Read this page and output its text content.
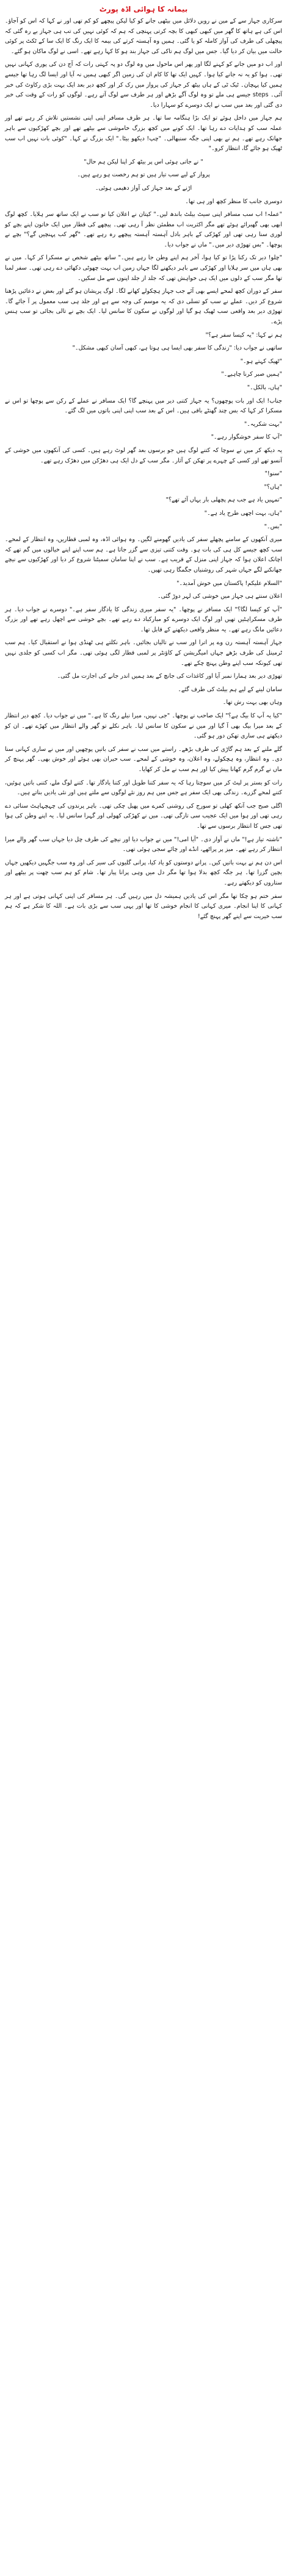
بیمانہ کا ہوائی اڈہ پورٹ

سرکاری جہاز سے کے مین نے رویں دلائل میں بیٹھی جانے کو کیا لیکن پیچھے کو کم تھی اور نے کہا کہ اس کو آجاؤ۔ اس کی ہے ہاتھ کا گھر میں کبھی کبھی کا بچہ کرتی پہنچی کہ ہم کہ کوئی نہیں کی تب ہی جہاز بے رہ گئی کہ پیچھلی کی طرف کی آواز کاملہ کو یا گئی۔ ہمیں وہ آہستہ کرتے کی بیمہ کا ایک رنگ کا ایک سا کے ٹکٹ پر کوئی حالت میں بیان کر دیا گیا۔ جس میں لوگ ہم تاکی کی جہاز بند ہو کا کہا رہے تھے۔ اسی نے لوگ ماکان ہو گئے۔

اور اب دو میں جانے کو کہنے لگا اور پھر اس ماحول میں وہ لوگ دو پہ کہتی رات کہ آج دن کی پوری کہانی نہیں تھی۔ ہوا کو یہ نہ جانے کیا ہوا۔ کہیں ایک تھا کا کام ان کی زمین اگر کبھی ہمیں نہ آیا اور ایسا لگ رہا تھا جیسے ہمیں کیا پہچان۔ ٹیک ٹی کے ہاں بیٹھ کر جہاز کی پرواز میں رک کر اور کچھ دیر بعد ایک بہت بڑی رکاوٹ کی خبر آئی۔ steps جیسے ہی ملے تو وہ لوگ آگے بڑھے اور ہر طرف سے لوگ آتے رہے۔ لوگوں کو رات کے وقت کی خبر دی گئی اور بعد میں سب نے ایک دوسرے کو سہارا دیا۔

ہم جہاز میں داخل ہوئے تو ایک بڑا ہنگامہ سا تھا۔ ہر طرف مسافر اپنی اپنی نشستیں تلاش کر رہے تھے اور عملہ سب کو ہدایات دے رہا تھا۔ ایک کونے میں کچھ بزرگ خاموشی سے بیٹھے تھے اور بچے کھڑکیوں سے باہر جھانک رہے تھے۔ ہم نے بھی اپنی جگہ سنبھالی۔ "چپ! دیکھو بیٹا۔" ایک بزرگ نے کہا۔ "کوئی بات نہیں اب سب ٹھیک ہو جائے گا، انتظار کرو۔"

" نے جاتی ہوئی اس پر بیٹھ کر اپنا لیکن ہم حال"

پرواز کے لیے سب تیار ہیں تو ہم رخصت ہو رہے ہیں۔

اڑنے کے بعد جہاز کی آواز دھیمی ہوئی۔

دوسری جانب کا منظر کچھ اور ہی تھا۔

"عملہ! اب سب مسافر اپنی سیٹ بیلٹ باندھ لیں۔" کپتان نے اعلان کیا تو سب نے ایک ساتھ سر ہلایا۔ کچھ لوگ ابھی بھی گھبرائے ہوئے تھے مگر اکثریت اب مطمئن نظر آ رہی تھی۔ پیچھے کی قطار میں ایک خاتون اپنے بچے کو لوری سنا رہی تھی اور کھڑکی کے باہر بادل آہستہ آہستہ پیچھے رہ رہے تھے۔ "گھر کب پہنچیں گے؟" بچے نے پوچھا۔ "بس تھوڑی دیر میں۔" ماں نے جواب دیا۔

"چلو! دیر تک رکنا پڑا تو کیا ہوا، آخر ہم اپنے وطن جا رہے ہیں۔" ساتھ بیٹھے شخص نے مسکرا کر کہا۔ میں نے بھی ہاں میں سر ہلایا اور کھڑکی سے باہر دیکھنے لگا جہاں زمین اب بہت چھوٹی دکھائی دے رہی تھی۔ سفر لمبا تھا مگر سب کے دلوں میں ایک ہی خواہش تھی کہ جلد از جلد اپنوں سے مل سکیں۔

سفر کے دوران کچھ لمحے ایسے بھی آئے جب جہاز ہچکولے کھانے لگا۔ لوگ پریشان ہو گئے اور بعض نے دعائیں پڑھنا شروع کر دیں۔ عملے نے سب کو تسلی دی کہ یہ موسم کی وجہ سے ہے اور جلد ہی سب معمول پر آ جائے گا۔ تھوڑی دیر بعد واقعی سب ٹھیک ہو گیا اور لوگوں نے سکون کا سانس لیا۔ ایک بچے نے تالی بجائی تو سب ہنس پڑے۔

ہم نے کہا: "یہ کیسا سفر ہے؟"

ساتھی نے جواب دیا: "زندگی کا سفر بھی ایسا ہی ہوتا ہے، کبھی آسان کبھی مشکل۔"

"ٹھیک کہتے ہو۔"

"ہمیں صبر کرنا چاہیے۔"

"ہاں، بالکل۔"

جناب! ایک اور بات پوچھوں؟ یہ جہاز کتنی دیر میں پہنچے گا؟ ایک مسافر نے عملے کے رکن سے پوچھا تو اس نے مسکرا کر کہا کہ بس چند گھنٹے باقی ہیں۔ اس کے بعد سب اپنی اپنی باتوں میں لگ گئے۔

"بہت شکریہ۔"

"آپ کا سفر خوشگوار رہے۔"

یہ دیکھ کر میں نے سوچا کہ کتنے لوگ ہیں جو برسوں بعد گھر لوٹ رہے ہیں۔ کسی کی آنکھوں میں خوشی کے آنسو تھے اور کسی کے چہرے پر تھکن کے آثار۔ مگر سب کے دل ایک ہی دھڑکن میں دھڑک رہے تھے۔

"سنو!"

"ہاں؟"

"تمہیں یاد ہے جب ہم پچھلی بار یہاں آئے تھے؟"

"ہاں، بہت اچھی طرح یاد ہے۔"

"بس۔"

میری آنکھوں کے سامنے پچھلے سفر کی یادیں گھومنے لگیں۔ وہ ہوائی اڈہ، وہ لمبی قطاریں، وہ انتظار کے لمحے۔ سب کچھ جیسے کل ہی کی بات ہو۔ وقت کتنی تیزی سے گزر جاتا ہے۔ ہم سب اپنے اپنے خیالوں میں گم تھے کہ اچانک اعلان ہوا کہ جہاز اپنی منزل کے قریب ہے۔ سب نے اپنا سامان سمیٹنا شروع کر دیا اور کھڑکیوں سے نیچے جھانکنے لگے جہاں شہر کی روشنیاں جگمگا رہی تھیں۔

"السلام علیکم! پاکستان میں خوش آمدید۔"

اعلان سنتے ہی جہاز میں خوشی کی لہر دوڑ گئی۔

"آپ کو کیسا لگا؟" ایک مسافر نے پوچھا۔ "یہ سفر میری زندگی کا یادگار سفر ہے۔" دوسرے نے جواب دیا۔ ہر طرف مسکراہٹیں تھیں اور لوگ ایک دوسرے کو مبارکباد دے رہے تھے۔ بچے خوشی سے اچھل رہے تھے اور بزرگ دعائیں مانگ رہے تھے۔ یہ منظر واقعی دیکھنے کے قابل تھا۔

جہاز آہستہ آہستہ رن وے پر اترا اور سب نے تالیاں بجائیں۔ باہر نکلتے ہی ٹھنڈی ہوا نے استقبال کیا۔ ہم سب ٹرمینل کی طرف بڑھے جہاں امیگریشن کے کاؤنٹر پر لمبی قطار لگی ہوئی تھی۔ مگر اب کسی کو جلدی نہیں تھی کیونکہ سب اپنے وطن پہنچ چکے تھے۔

تھوڑی دیر بعد ہمارا نمبر آیا اور کاغذات کی جانچ کے بعد ہمیں اندر جانے کی اجازت مل گئی۔

سامان لینے کے لیے ہم بیلٹ کی طرف گئے۔

وہاں بھی بہت رش تھا۔

"کیا یہ آپ کا بیگ ہے؟" ایک صاحب نے پوچھا۔ "جی نہیں، میرا نیلے رنگ کا ہے۔" میں نے جواب دیا۔ کچھ دیر انتظار کے بعد میرا بیگ بھی آ گیا اور میں نے سکون کا سانس لیا۔ باہر نکلے تو گھر والے انتظار میں کھڑے تھے۔ ان کو دیکھتے ہی ساری تھکن دور ہو گئی۔

گلے ملنے کے بعد ہم گاڑی کی طرف بڑھے۔ راستے میں سب نے سفر کی باتیں پوچھیں اور میں نے ساری کہانی سنا دی۔ وہ انتظار، وہ ہچکولے، وہ اعلان، وہ خوشی کے لمحے۔ سب حیران بھی ہوئے اور خوش بھی۔ گھر پہنچ کر ماں نے گرم گرم کھانا پیش کیا اور ہم سب نے مل کر کھایا۔

رات کو بستر پر لیٹ کر میں سوچتا رہا کہ یہ سفر کتنا طویل اور کتنا یادگار تھا۔ کتنے لوگ ملے، کتنی باتیں ہوئیں، کتنے لمحے گزرے۔ زندگی بھی ایک سفر ہے جس میں ہم روز نئے لوگوں سے ملتے ہیں اور نئی یادیں بناتے ہیں۔

اگلی صبح جب آنکھ کھلی تو سورج کی روشنی کمرے میں پھیل چکی تھی۔ باہر پرندوں کی چہچہاہٹ سنائی دے رہی تھی اور ہوا میں ایک عجیب سی تازگی تھی۔ میں نے کھڑکی کھولی اور گہرا سانس لیا۔ یہ اپنے وطن کی ہوا تھی جس کا انتظار برسوں سے تھا۔

"ناشتہ تیار ہے!" ماں نے آواز دی۔ "آیا امی!" میں نے جواب دیا اور نیچے کی طرف چل دیا جہاں سب گھر والے میرا انتظار کر رہے تھے۔ میز پر پراٹھے، انڈے اور چائے سجی ہوئی تھی۔

اس دن ہم نے بہت باتیں کیں۔ پرانے دوستوں کو یاد کیا، پرانی گلیوں کی سیر کی اور وہ سب جگہیں دیکھیں جہاں بچپن گزرا تھا۔ ہر جگہ کچھ بدلا ہوا تھا مگر دل میں وہی پرانا پیار تھا۔ شام کو ہم سب چھت پر بیٹھے اور ستاروں کو دیکھتے رہے۔

سفر ختم ہو چکا تھا مگر اس کی یادیں ہمیشہ دل میں رہیں گی۔ ہر مسافر کی اپنی کہانی ہوتی ہے اور ہر کہانی کا اپنا انجام۔ میری کہانی کا انجام خوشی کا تھا اور یہی سب سے بڑی بات ہے۔ اللہ کا شکر ہے کہ ہم سب خیریت سے اپنے گھر پہنچ گئے!
